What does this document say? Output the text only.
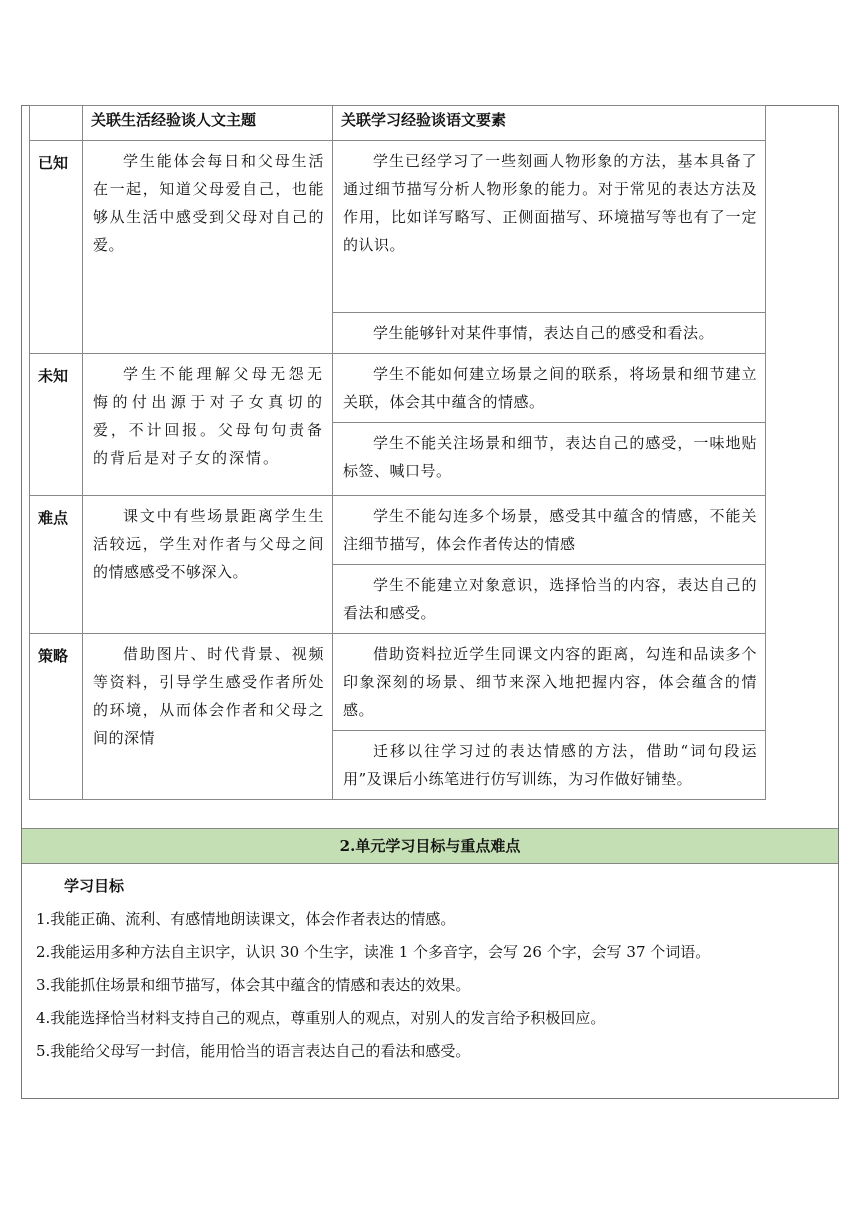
	关联生活经验谈人文主题	关联学习经验谈语文要素
已知	学生能体会每日和父母生活在一起，知道父母爱自己，也能够从生活中感受到父母对自己的爱。	学生已经学习了一些刻画人物形象的方法，基本具备了通过细节描写分析人物形象的能力。对于常见的表达方法及作用，比如详写略写、正侧面描写、环境描写等也有了一定的认识。
		学生能够针对某件事情，表达自己的感受和看法。
未知	学生不能理解父母无怨无悔的付出源于对子女真切的爱，不计回报。父母句句责备的背后是对子女的深情。	学生不能如何建立场景之间的联系，将场景和细节建立关联，体会其中蕴含的情感。
		学生不能关注场景和细节，表达自己的感受，一味地贴标签、喊口号。
难点	课文中有些场景距离学生生活较远，学生对作者与父母之间的情感感受不够深入。	学生不能勾连多个场景，感受其中蕴含的情感，不能关注细节描写，体会作者传达的情感
		学生不能建立对象意识，选择恰当的内容，表达自己的看法和感受。
策略	借助图片、时代背景、视频等资料，引导学生感受作者所处的环境，从而体会作者和父母之间的深情	借助资料拉近学生同课文内容的距离，勾连和品读多个印象深刻的场景、细节来深入地把握内容，体会蕴含的情感。
		迁移以往学习过的表达情感的方法，借助“词句段运用”及课后小练笔进行仿写训练，为习作做好铺垫。
2.单元学习目标与重点难点
学习目标
1.我能正确、流利、有感情地朗读课文，体会作者表达的情感。
2.我能运用多种方法自主识字，认识 30 个生字，读准 1 个多音字，会写 26 个字，会写 37 个词语。
3.我能抓住场景和细节描写，体会其中蕴含的情感和表达的效果。
4.我能选择恰当材料支持自己的观点，尊重别人的观点，对别人的发言给予积极回应。
5.我能给父母写一封信，能用恰当的语言表达自己的看法和感受。
